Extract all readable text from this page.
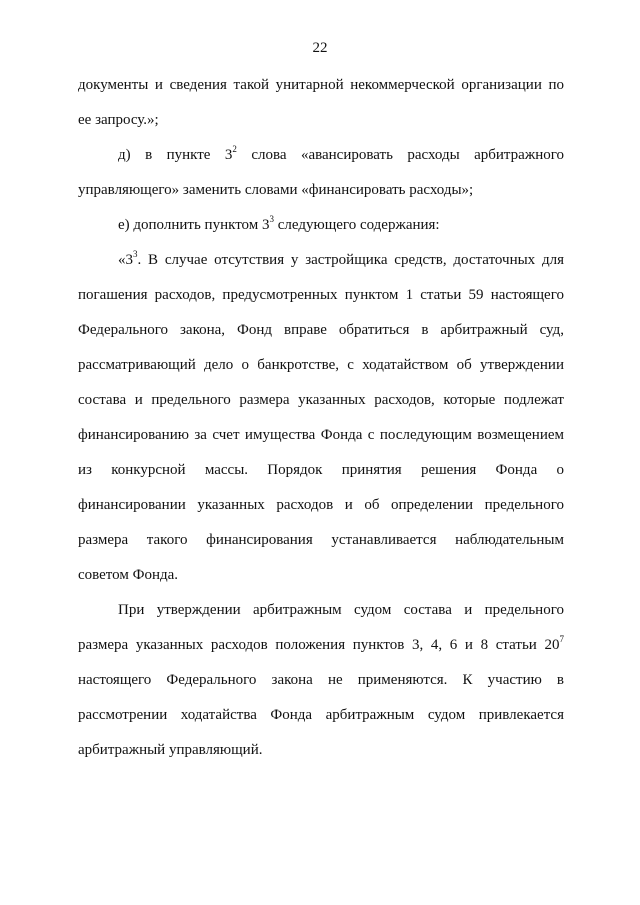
22
документы и сведения такой унитарной некоммерческой организации по
ее запросу.»;
д) в пункте $3^2$ слова «авансировать расходы арбитражного
управляющего» заменить словами «финансировать расходы»;
е) дополнить пунктом $3^3$ следующего содержания:
«$3^3$. В случае отсутствия у застройщика средств, достаточных для
погашения расходов, предусмотренных пунктом 1 статьи 59 настоящего
Федерального закона, Фонд вправе обратиться в арбитражный суд,
рассматривающий дело о банкротстве, с ходатайством об утверждении
состава и предельного размера указанных расходов, которые подлежат
финансированию за счет имущества Фонда с последующим возмещением
из конкурсной массы. Порядок принятия решения Фонда о
финансировании указанных расходов и об определении предельного
размера такого финансирования устанавливается наблюдательным
советом Фонда.
При утверждении арбитражным судом состава и предельного
размера указанных расходов положения пунктов 3, 4, 6 и 8 статьи $20^7$
настоящего Федерального закона не применяются. К участию в
рассмотрении ходатайства Фонда арбитражным судом привлекается
арбитражный управляющий.
